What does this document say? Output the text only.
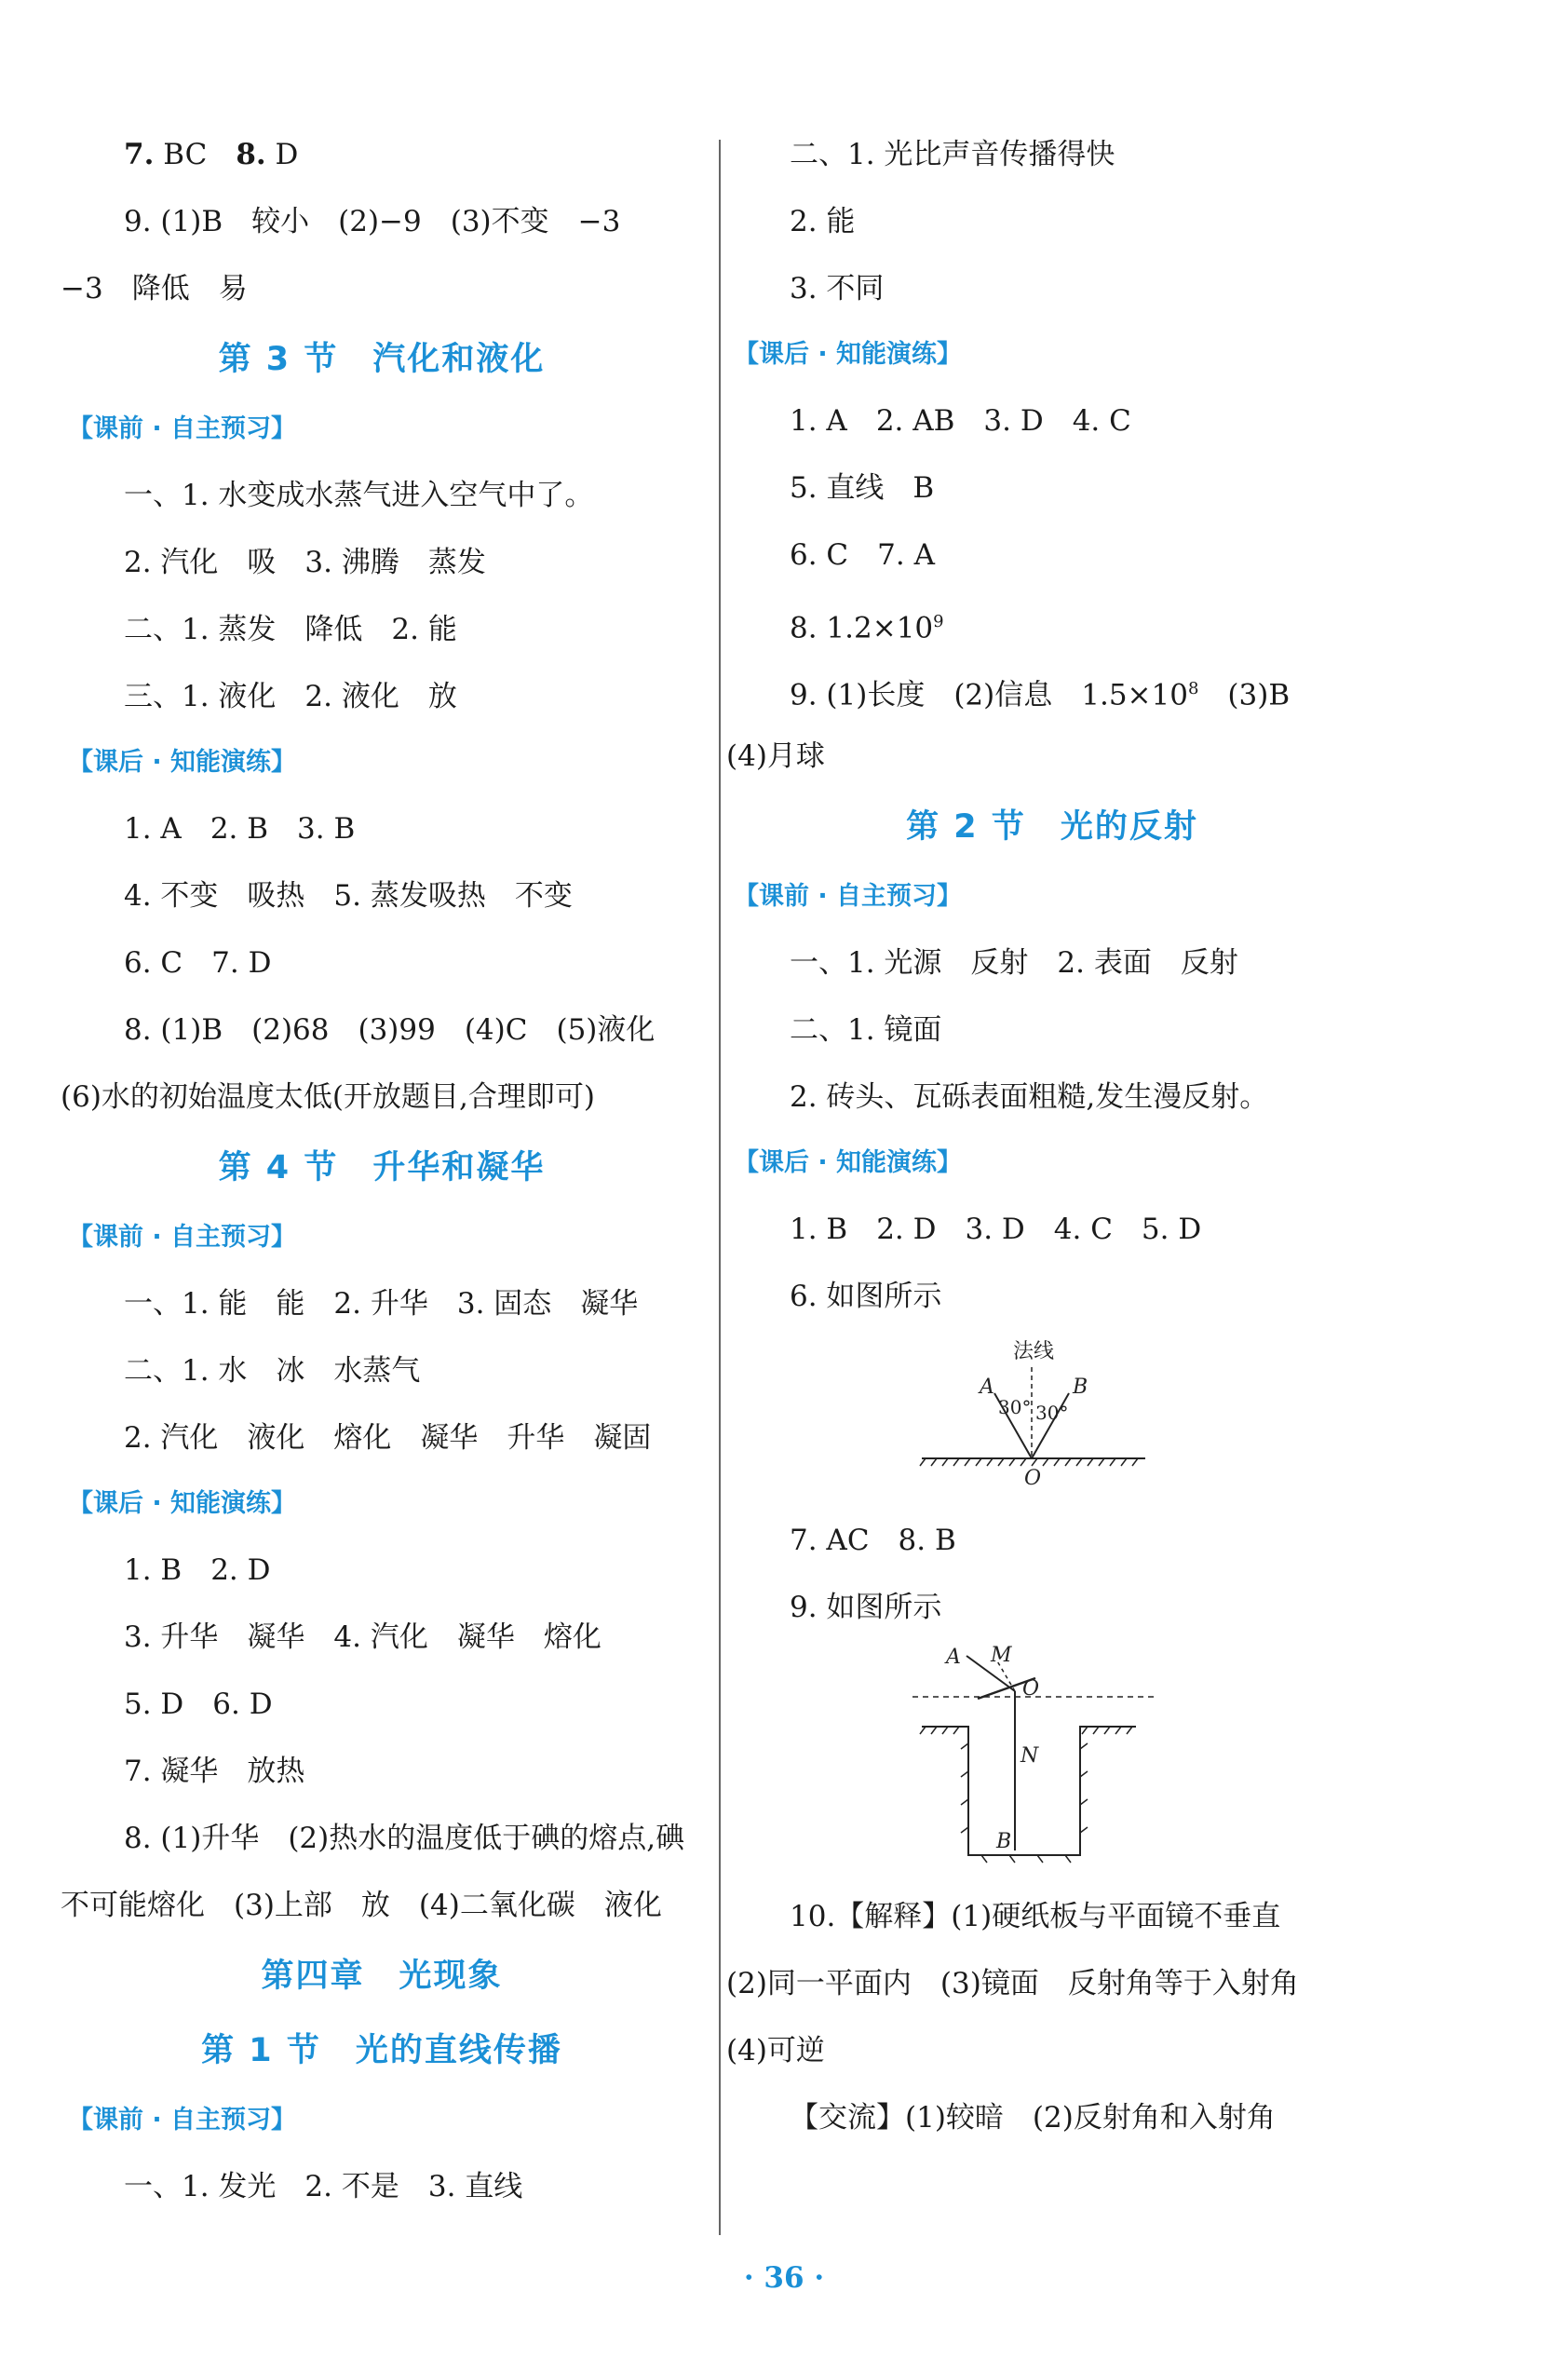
7. BC　 8. D
9. (1)B　较小　(2)−9　(3)不变　−3
−3　降低　易
第 3 节　汽化和液化
【课前 · 自主预习】
一、1. 水变成水蒸气进入空气中了。
2. 汽化　吸　3. 沸腾　蒸发
二、1. 蒸发　降低　2. 能
三、1. 液化　2. 液化　放
【课后 · 知能演练】
1. A　2. B　3. B
4. 不变　吸热　5. 蒸发吸热　不变
6. C　7. D
8. (1)B　(2)68　(3)99　(4)C　(5)液化
(6)水的初始温度太低(开放题目,合理即可)
第 4 节　升华和凝华
【课前 · 自主预习】
一、1. 能　能　2. 升华　3. 固态　凝华
二、1. 水　冰　水蒸气
2. 汽化　液化　熔化　凝华　升华　凝固
【课后 · 知能演练】
1. B　2. D
3. 升华　凝华　4. 汽化　凝华　熔化
5. D　6. D
7. 凝华　放热
8. (1)升华　(2)热水的温度低于碘的熔点,碘
不可能熔化　(3)上部　放　(4)二氧化碳　液化
第四章　光现象
第 1 节　光的直线传播
【课前 · 自主预习】
一、1. 发光　2. 不是　3. 直线
二、1. 光比声音传播得快
2. 能
3. 不同
【课后 · 知能演练】
1. A　2. AB　3. D　4. C
5. 直线　B
6. C　7. A
8. $1.2\times 10^9$
9. (1)长度　(2)信息　$1.5\times 10^8$　(3)B
(4)月球
第 2 节　光的反射
【课前 · 自主预习】
一、1. 光源　反射　2. 表面　反射
二、1. 镜面
2. 砖头、瓦砾表面粗糙,发生漫反射。
【课后 · 知能演练】
1. B　2. D　3. D　4. C　5. D
6. 如图所示
法线
A	B
O
30° 30°
7. AC　8. B
9. 如图所示
A M
O
N
B
10.【解释】(1)硬纸板与平面镜不垂直
(2)同一平面内　(3)镜面　反射角等于入射角
(4)可逆
【交流】(1)较暗　(2)反射角和入射角
· 36 ·
